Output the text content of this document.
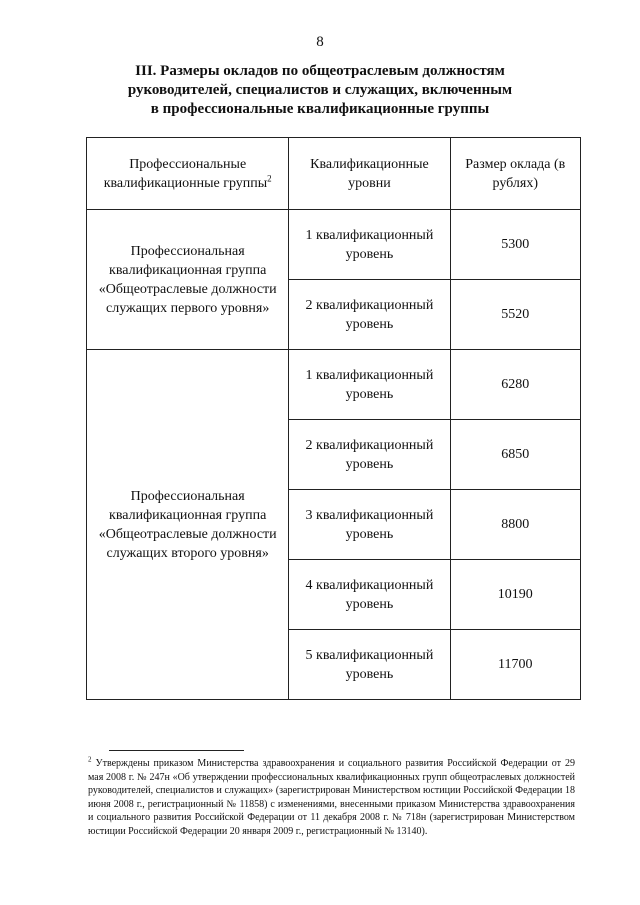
8
III. Размеры окладов по общеотраслевым должностям
руководителей, специалистов и служащих, включенным
в профессиональные квалификационные группы
Профессиональные квалификационные группы$^2$	Квалификационные уровни	Размер оклада (в рублях)
Профессиональная квалификационная группа «Общеотраслевые должности служащих первого уровня»	1 квалификационный уровень	5300
	2 квалификационный уровень	5520
Профессиональная квалификационная группа «Общеотраслевые должности служащих второго уровня»	1 квалификационный уровень	6280
	2 квалификационный уровень	6850
	3 квалификационный уровень	8800
	4 квалификационный уровень	10190
	5 квалификационный уровень	11700
$^2$ Утверждены приказом Министерства здравоохранения и социального развития Российской Федерации от 29 мая 2008 г. № 247н «Об утверждении профессиональных квалификационных групп общеотраслевых должностей руководителей, специалистов и служащих» (зарегистрирован Министерством юстиции Российской Федерации 18 июня 2008 г., регистрационный № 11858) с изменениями, внесенными приказом Министерства здравоохранения и социального развития Российской Федерации от 11 декабря 2008 г. № 718н (зарегистрирован Министерством юстиции Российской Федерации 20 января 2009 г., регистрационный № 13140).
